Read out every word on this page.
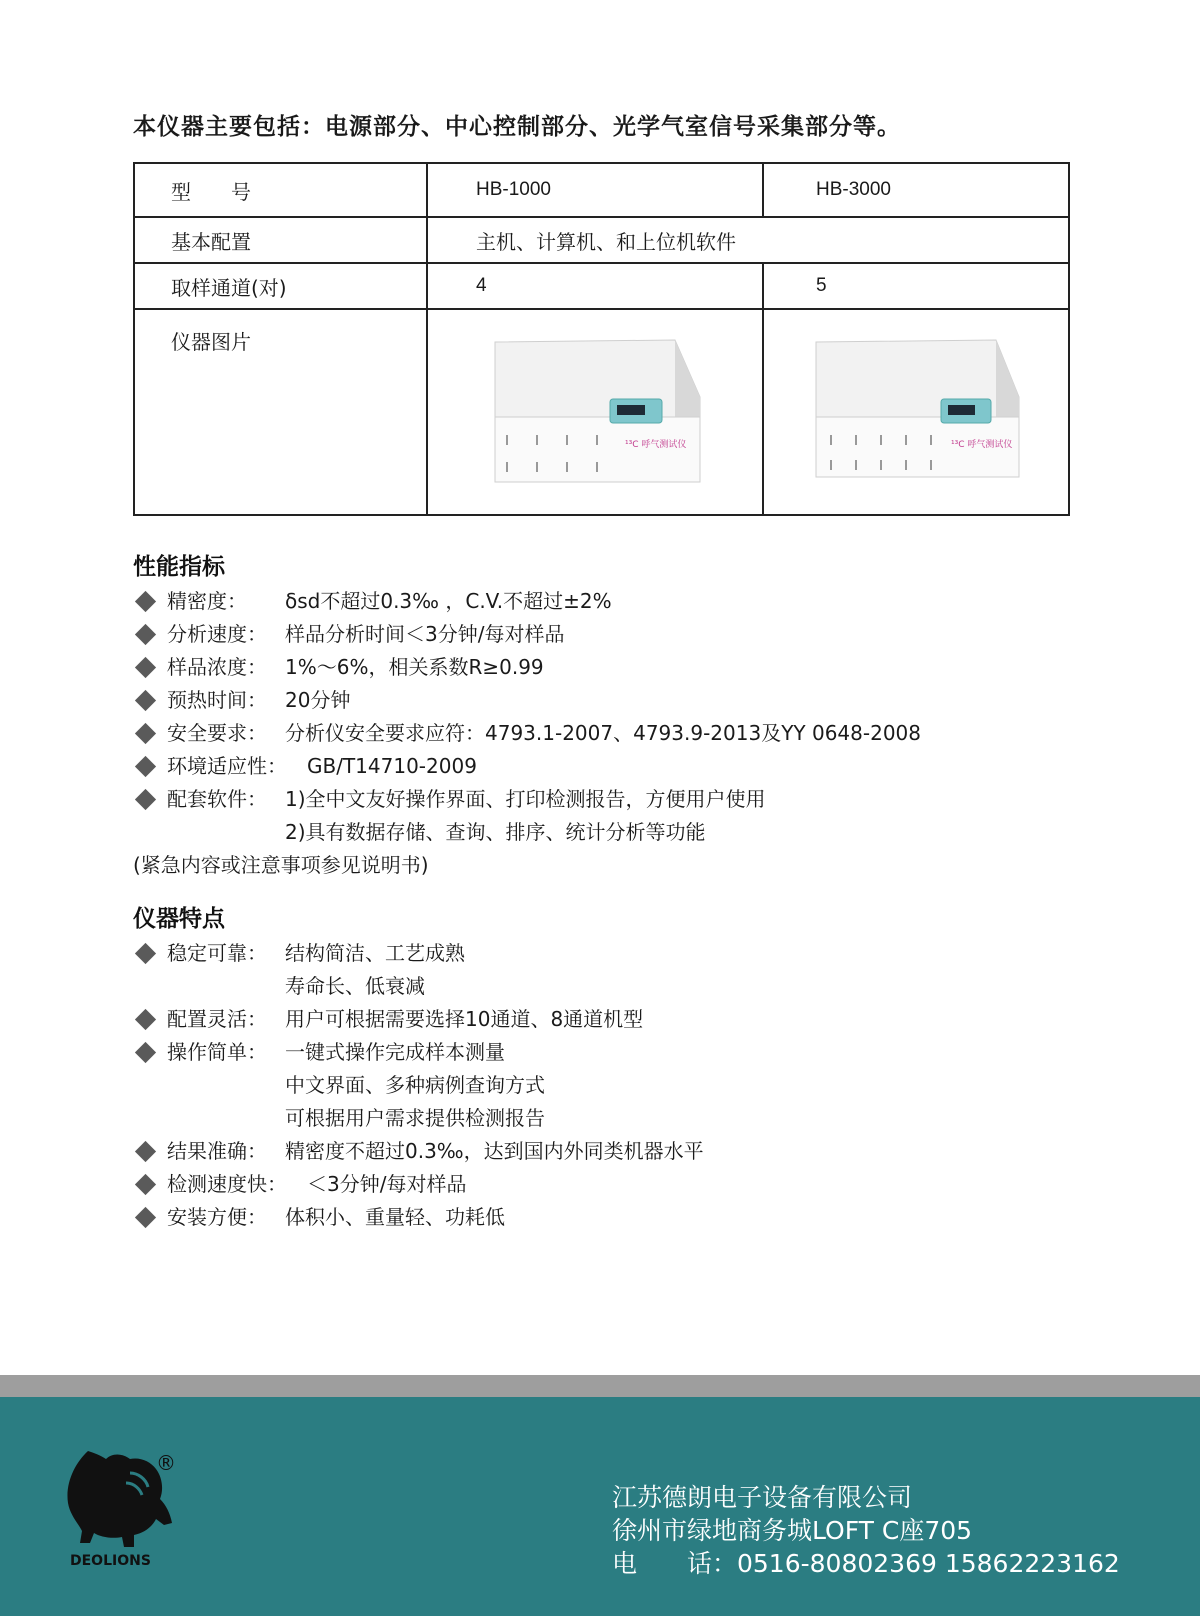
本仪器主要包括：电源部分、中心控制部分、光学气室信号采集部分等。
型　　号	HB-1000	HB-3000
基本配置	主机、计算机、和上位机软件	
取样通道(对)	4	5
仪器图片	¹³C 呼气测试仪	¹³C 呼气测试仪
性能指标
精密度： δsd不超过0.3‰ ，C.V.不超过±2%
分析速度： 样品分析时间＜3分钟/每对样品
样品浓度： 1%～6%，相关系数R≥0.99
预热时间： 20分钟
安全要求： 分析仪安全要求应符：4793.1-2007、4793.9-2013及YY 0648-2008
环境适应性： GB/T14710-2009
配套软件： 1)全中文友好操作界面、打印检测报告，方便用户使用
2)具有数据存储、查询、排序、统计分析等功能
(紧急内容或注意事项参见说明书)
仪器特点
稳定可靠： 结构简洁、工艺成熟
寿命长、低衰减
配置灵活： 用户可根据需要选择10通道、8通道机型
操作简单： 一键式操作完成样本测量
中文界面、多种病例查询方式
可根据用户需求提供检测报告
结果准确： 精密度不超过0.3‰，达到国内外同类机器水平
检测速度快： ＜3分钟/每对样品
安装方便： 体积小、重量轻、功耗低
DEOLIONS
®
江苏德朗电子设备有限公司
徐州市绿地商务城LOFT C座705
电　　话：0516-80802369 15862223162
